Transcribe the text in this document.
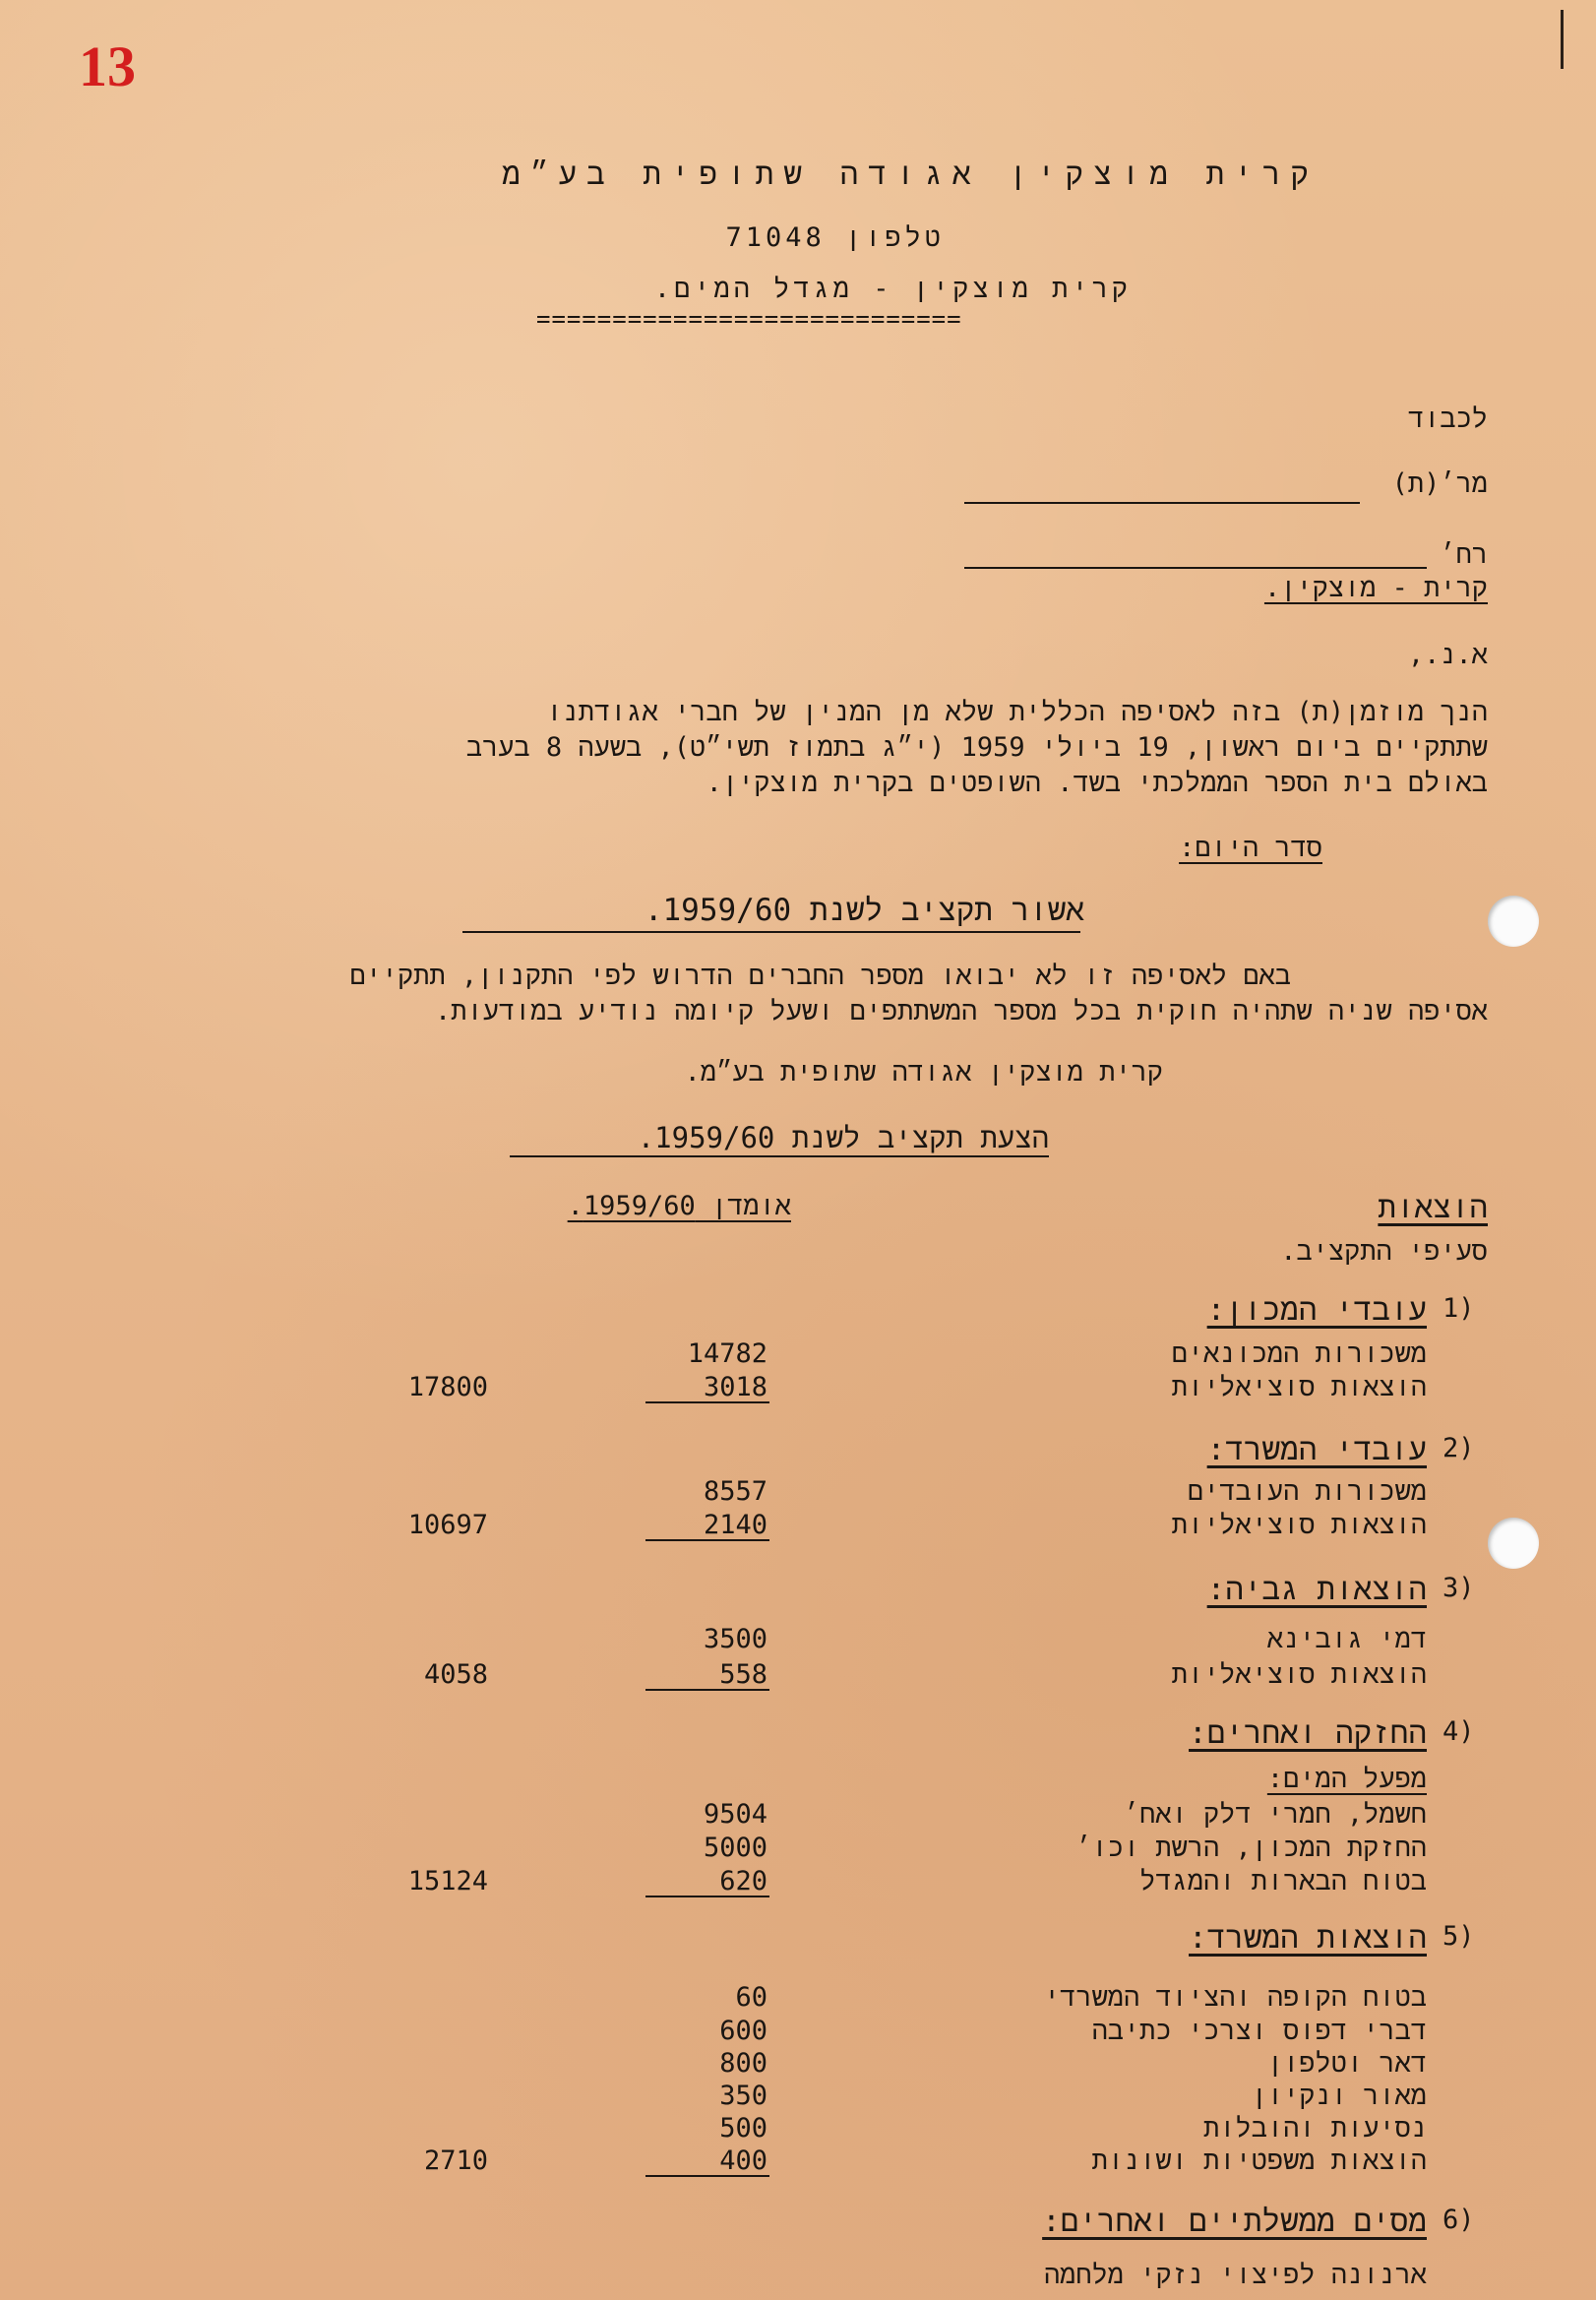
13
קרית מוצקין אגודה שתופית בע״מ
טלפון 71048
קרית מוצקין - מגדל המים.
============================
לכבוד
מר׳(ת)
רח׳
קרית - מוצקין.
א.נ.,
הנך מוזמן(ת) בזה לאסיפה הכללית שלא מן המנין של חברי אגודתנו
שתתקיים ביום ראשון, 19 ביולי 1959 (י״ג בתמוז תשי״ט), בשעה 8 בערב
באולם בית הספר הממלכתי בשד. השופטים בקרית מוצקין.
סדר היום:
אשור תקציב לשנת 1959/60.
באם לאסיפה זו לא יבואו מספר החברים הדרוש לפי התקנון, תתקיים
אסיפה שניה שתהיה חוקית בכל מספר המשתתפים ושעל קיומה נודיע במודעות.
קרית מוצקין אגודה שתופית בע״מ.
הצעת תקציב לשנת 1959/60.
אומדן 1959/60.	הוצאות
סעיפי התקציב.
1)
עובדי המכון:
משכורות המכונאים
14782
הוצאות סוציאליות
3018
17800
2)
עובדי המשרד:
משכורות העובדים
8557
הוצאות סוציאליות
2140
10697
3)
הוצאות גביה:
דמי גובינא
3500
הוצאות סוציאליות
558
4058
4)
החזקה ואחרים:
מפעל המים:
חשמל, חמרי דלק ואח׳
9504
החזקת המכון, הרשת וכו׳
5000
בטוח הבארות והמגדל
620
15124
5)
הוצאות המשרד:
בטוח הקופה והציוד המשרדי
60
דברי דפוס וצרכי כתיבה
600
דאר וטלפון
800
מאור ונקיון
350
נסיעות והובלות
500
הוצאות משפטיות ושונות
400
2710
6)
מסים ממשלתיים ואחרים:
ארנונה לפיצוי נזקי מלחמה
